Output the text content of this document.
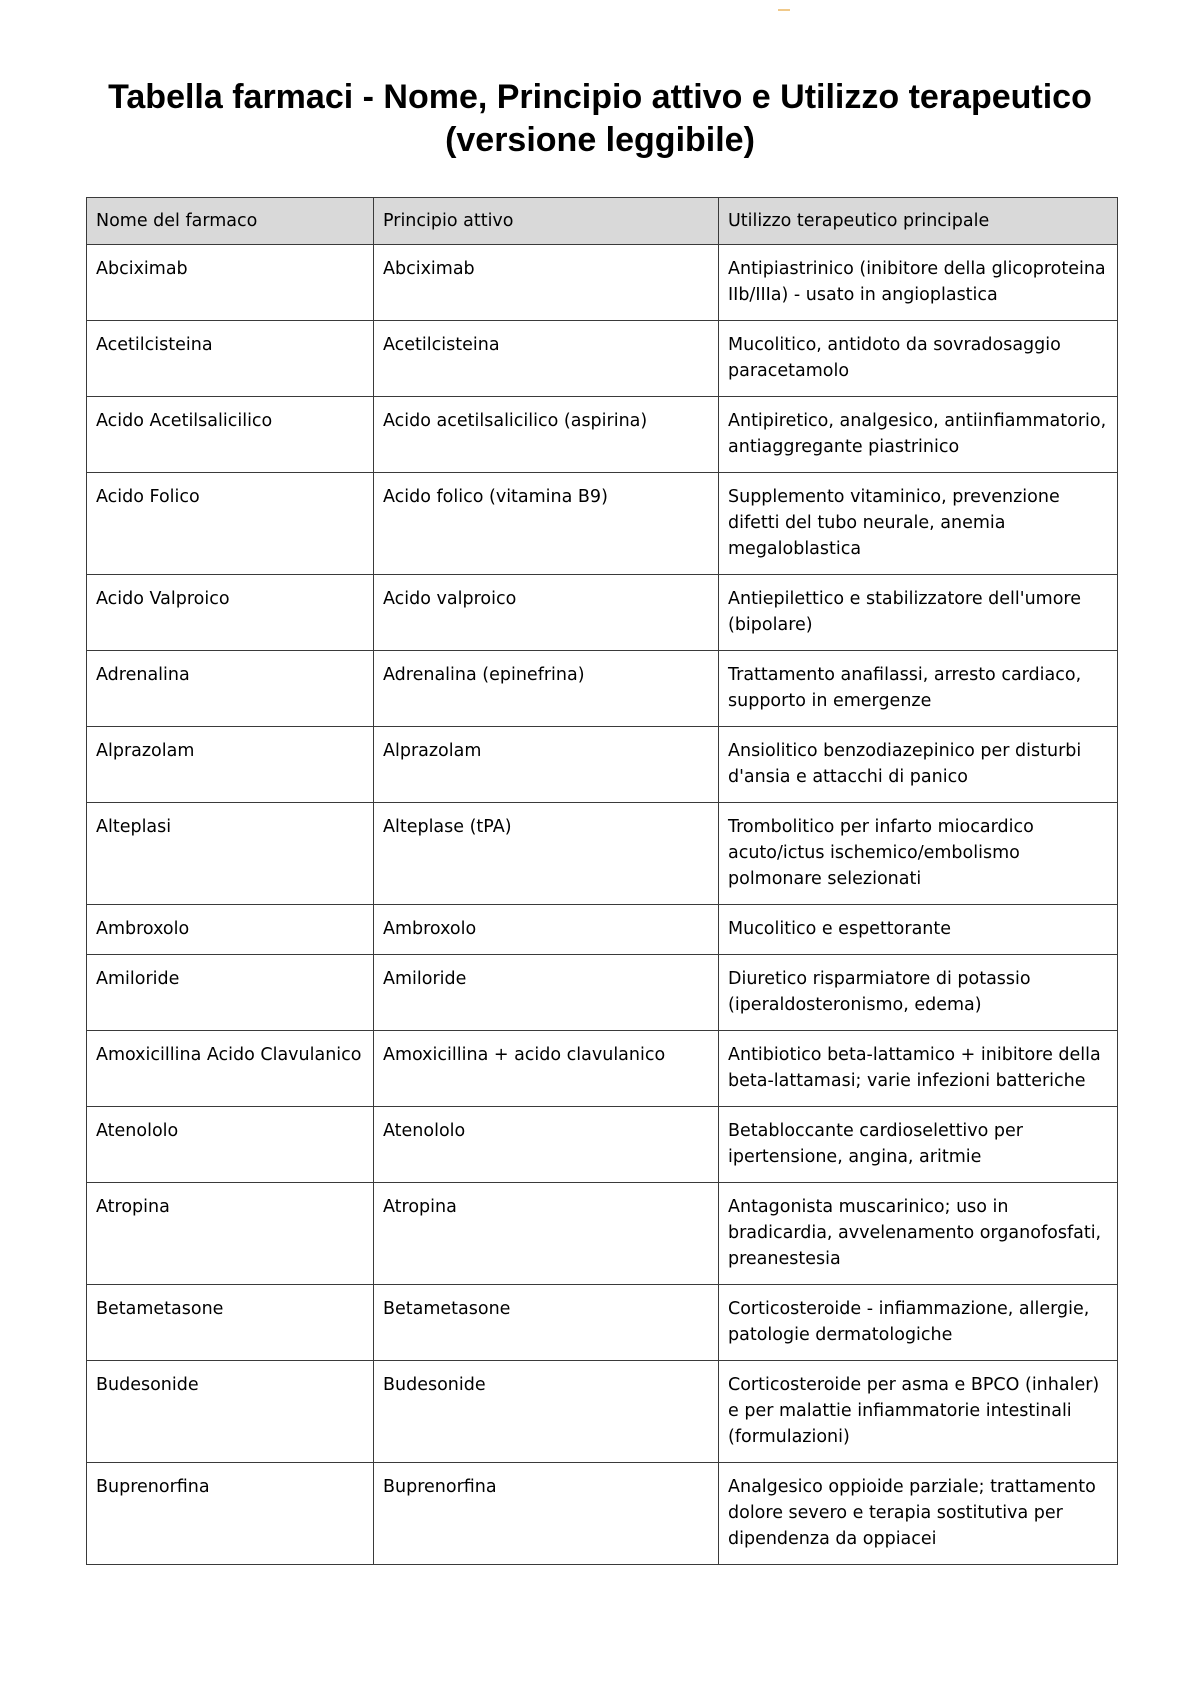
Tabella farmaci - Nome, Principio attivo e Utilizzo terapeutico
(versione leggibile)
Nome del farmaco	Principio attivo	Utilizzo terapeutico principale
Abciximab	Abciximab	Antipiastrinico (inibitore della glicoproteina IIb/IIIa) - usato in angioplastica
Acetilcisteina	Acetilcisteina	Mucolitico, antidoto da sovradosaggio paracetamolo
Acido Acetilsalicilico	Acido acetilsalicilico (aspirina)	Antipiretico, analgesico, antiinfiammatorio, antiaggregante piastrinico
Acido Folico	Acido folico (vitamina B9)	Supplemento vitaminico, prevenzione difetti del tubo neurale, anemia megaloblastica
Acido Valproico	Acido valproico	Antiepilettico e stabilizzatore dell'umore (bipolare)
Adrenalina	Adrenalina (epinefrina)	Trattamento anafilassi, arresto cardiaco, supporto in emergenze
Alprazolam	Alprazolam	Ansiolitico benzodiazepinico per disturbi d'ansia e attacchi di panico
Alteplasi	Alteplase (tPA)	Trombolitico per infarto miocardico acuto/ictus ischemico/embolismo polmonare selezionati
Ambroxolo	Ambroxolo	Mucolitico e espettorante
Amiloride	Amiloride	Diuretico risparmiatore di potassio (iperaldosteronismo, edema)
Amoxicillina Acido Clavulanico	Amoxicillina + acido clavulanico	Antibiotico beta-lattamico + inibitore della beta-lattamasi; varie infezioni batteriche
Atenololo	Atenololo	Betabloccante cardioselettivo per ipertensione, angina, aritmie
Atropina	Atropina	Antagonista muscarinico; uso in bradicardia, avvelenamento organofosfati, preanestesia
Betametasone	Betametasone	Corticosteroide - infiammazione, allergie, patologie dermatologiche
Budesonide	Budesonide	Corticosteroide per asma e BPCO (inhaler) e per malattie infiammatorie intestinali (formulazioni)
Buprenorfina	Buprenorfina	Analgesico oppioide parziale; trattamento dolore severo e terapia sostitutiva per dipendenza da oppiacei
